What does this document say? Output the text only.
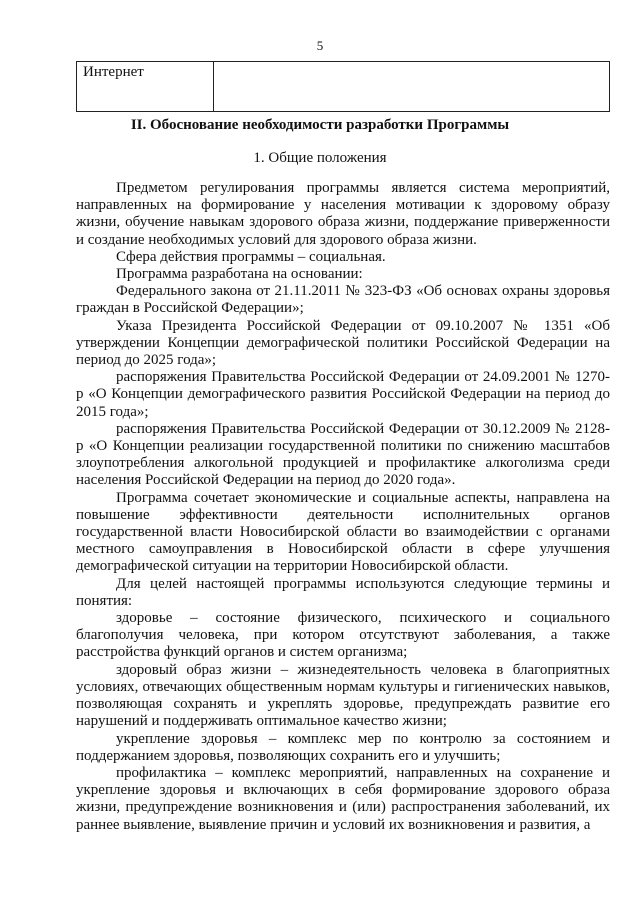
5
Интернет	
II. Обоснование необходимости разработки Программы
1. Общие положения

Предметом регулирования программы является система мероприятий, направленных на формирование у населения мотивации к здоровому образу жизни, обучение навыкам здорового образа жизни, поддержание приверженности и создание необходимых условий для здорового образа жизни.

Сфера действия программы – социальная.

Программа разработана на основании:

Федерального закона от 21.11.2011 № 323-ФЗ «Об основах охраны здоровья граждан в Российской Федерации»;

Указа Президента Российской Федерации от 09.10.2007 № 1351 «Об утверждении Концепции демографической политики Российской Федерации на период до 2025 года»;

распоряжения Правительства Российской Федерации от 24.09.2001 № 1270-р «О Концепции демографического развития Российской Федерации на период до 2015 года»;

распоряжения Правительства Российской Федерации от 30.12.2009 № 2128-р «О Концепции реализации государственной политики по снижению масштабов злоупотребления алкогольной продукцией и профилактике алкоголизма среди населения Российской Федерации на период до 2020 года».

Программа сочетает экономические и социальные аспекты, направлена на повышение эффективности деятельности исполнительных органов государственной власти Новосибирской области во взаимодействии с органами местного самоуправления в Новосибирской области в сфере улучшения демографической ситуации на территории Новосибирской области.

Для целей настоящей программы используются следующие термины и понятия:

здоровье – состояние физического, психического и социального благополучия человека, при котором отсутствуют заболевания, а также расстройства функций органов и систем организма;

здоровый образ жизни – жизнедеятельность человека в благоприятных условиях, отвечающих общественным нормам культуры и гигиенических навыков, позволяющая сохранять и укреплять здоровье, предупреждать развитие его нарушений и поддерживать оптимальное качество жизни;

укрепление здоровья – комплекс мер по контролю за состоянием и поддержанием здоровья, позволяющих сохранить его и улучшить;

профилактика – комплекс мероприятий, направленных на сохранение и укрепление здоровья и включающих в себя формирование здорового образа жизни, предупреждение возникновения и (или) распространения заболеваний, их раннее выявление, выявление причин и условий их возникновения и развития, а
